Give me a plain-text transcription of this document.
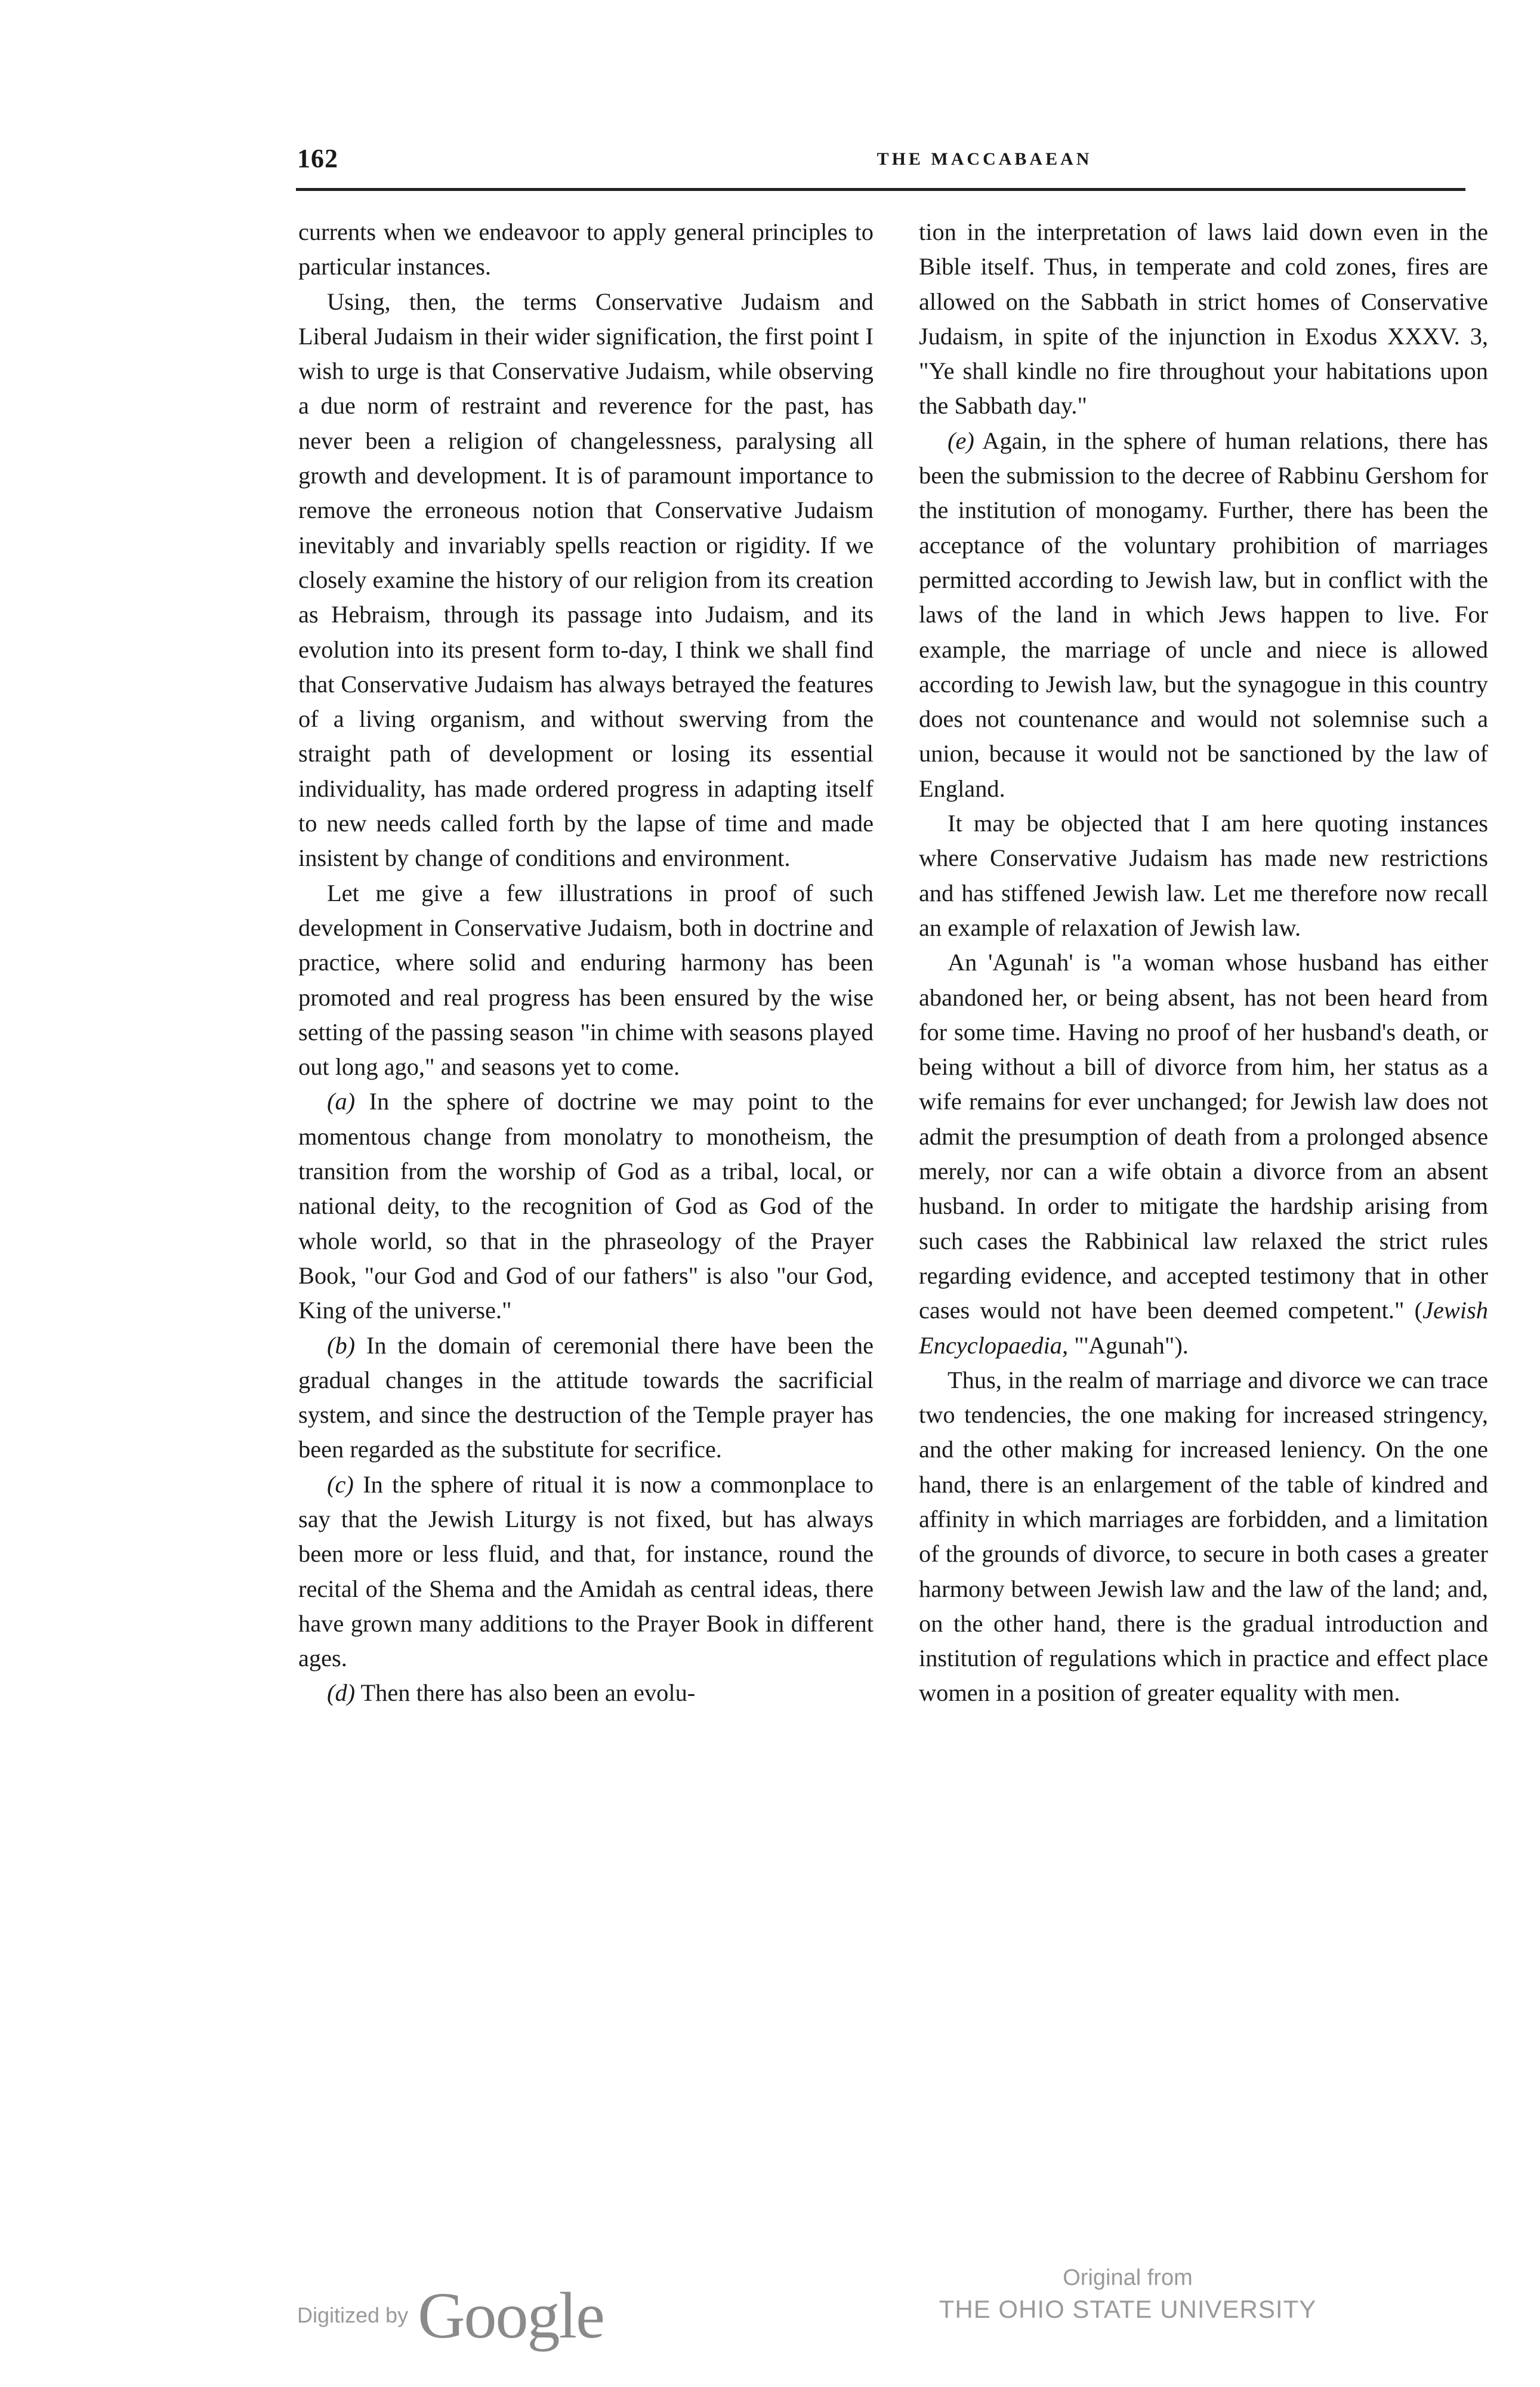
162	THE MACCABAEAN

currents when we endeavoor to apply general principles to particular instances.

Using, then, the terms Conservative Judaism and Liberal Judaism in their wider signification, the first point I wish to urge is that Conservative Judaism, while observing a due norm of restraint and reverence for the past, has never been a religion of changelessness, paralysing all growth and development. It is of paramount importance to remove the erroneous notion that Conservative Judaism inevitably and invariably spells reaction or rigidity. If we closely examine the history of our religion from its creation as Hebraism, through its passage into Judaism, and its evolution into its present form to-day, I think we shall find that Conservative Judaism has always betrayed the features of a living organism, and without swerving from the straight path of development or losing its essential individuality, has made ordered progress in adapting itself to new needs called forth by the lapse of time and made insistent by change of conditions and environment.

Let me give a few illustrations in proof of such development in Conservative Judaism, both in doctrine and practice, where solid and enduring harmony has been promoted and real progress has been ensured by the wise setting of the passing season "in chime with seasons played out long ago," and seasons yet to come.

(a) In the sphere of doctrine we may point to the momentous change from monolatry to monotheism, the transition from the worship of God as a tribal, local, or national deity, to the recognition of God as God of the whole world, so that in the phraseology of the Prayer Book, "our God and God of our fathers" is also "our God, King of the universe."

(b) In the domain of ceremonial there have been the gradual changes in the attitude towards the sacrificial system, and since the destruction of the Temple prayer has been regarded as the substitute for secrifice.

(c) In the sphere of ritual it is now a commonplace to say that the Jewish Liturgy is not fixed, but has always been more or less fluid, and that, for instance, round the recital of the Shema and the Amidah as central ideas, there have grown many additions to the Prayer Book in different ages.

(d) Then there has also been an evolu-

tion in the interpretation of laws laid down even in the Bible itself. Thus, in temperate and cold zones, fires are allowed on the Sabbath in strict homes of Conservative Judaism, in spite of the injunction in Exodus XXXV. 3, "Ye shall kindle no fire throughout your habitations upon the Sabbath day."

(e) Again, in the sphere of human relations, there has been the submission to the decree of Rabbinu Gershom for the institution of monogamy. Further, there has been the acceptance of the voluntary prohibition of marriages permitted according to Jewish law, but in conflict with the laws of the land in which Jews happen to live. For example, the marriage of uncle and niece is allowed according to Jewish law, but the synagogue in this country does not countenance and would not solemnise such a union, because it would not be sanctioned by the law of England.

It may be objected that I am here quoting instances where Conservative Judaism has made new restrictions and has stiffened Jewish law. Let me therefore now recall an example of relaxation of Jewish law.

An 'Agunah' is "a woman whose husband has either abandoned her, or being absent, has not been heard from for some time. Having no proof of her husband's death, or being without a bill of divorce from him, her status as a wife remains for ever unchanged; for Jewish law does not admit the presumption of death from a prolonged absence merely, nor can a wife obtain a divorce from an absent husband. In order to mitigate the hardship arising from such cases the Rabbinical law relaxed the strict rules regarding evidence, and accepted testimony that in other cases would not have been deemed competent." (Jewish Encyclopaedia, "'Agunah").

Thus, in the realm of marriage and divorce we can trace two tendencies, the one making for increased stringency, and the other making for increased leniency. On the one hand, there is an enlargement of the table of kindred and affinity in which marriages are forbidden, and a limitation of the grounds of divorce, to secure in both cases a greater harmony between Jewish law and the law of the land; and, on the other hand, there is the gradual introduction and institution of regulations which in practice and effect place women in a position of greater equality with men.

Digitized by Google
Original from
THE OHIO STATE UNIVERSITY
